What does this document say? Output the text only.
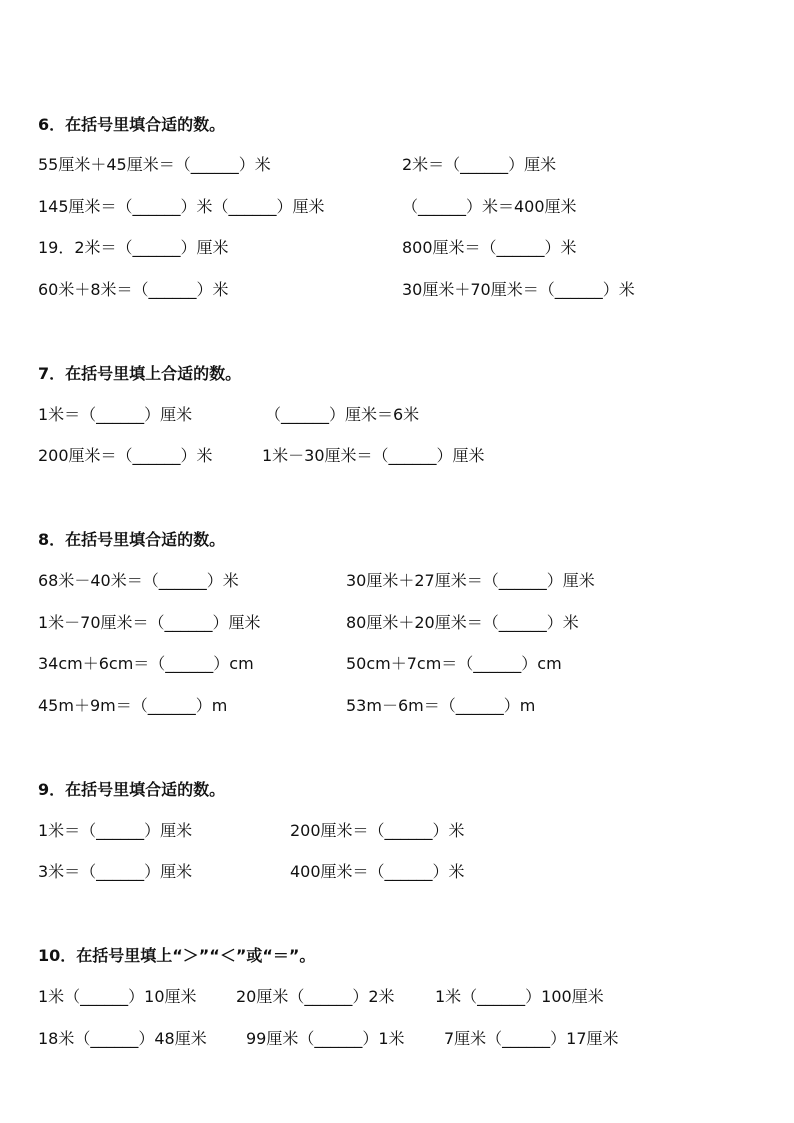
6．在括号里填合适的数。
55厘米＋45厘米＝（______）米	2米＝（______）厘米
145厘米＝（______）米（______）厘米	（______）米＝400厘米
19．2米＝（______）厘米	800厘米＝（______）米
60米＋8米＝（______）米	30厘米＋70厘米＝（______）米
7．在括号里填上合适的数。
1米＝（______）厘米	（______）厘米＝6米
200厘米＝（______）米	1米－30厘米＝（______）厘米
8．在括号里填合适的数。
68米－40米＝（______）米	30厘米＋27厘米＝（______）厘米
1米－70厘米＝（______）厘米	80厘米＋20厘米＝（______）米
34cm＋6cm＝（______）cm	50cm＋7cm＝（______）cm
45m＋9m＝（______）m	53m－6m＝（______）m
9．在括号里填合适的数。
1米＝（______）厘米	200厘米＝（______）米
3米＝（______）厘米	400厘米＝（______）米
10．在括号里填上“＞”“＜”或“＝”。
1米（______）10厘米 20厘米（______）2米	1米（______）100厘米
18米（______）48厘米 99厘米（______）1米 7厘米（______）17厘米
